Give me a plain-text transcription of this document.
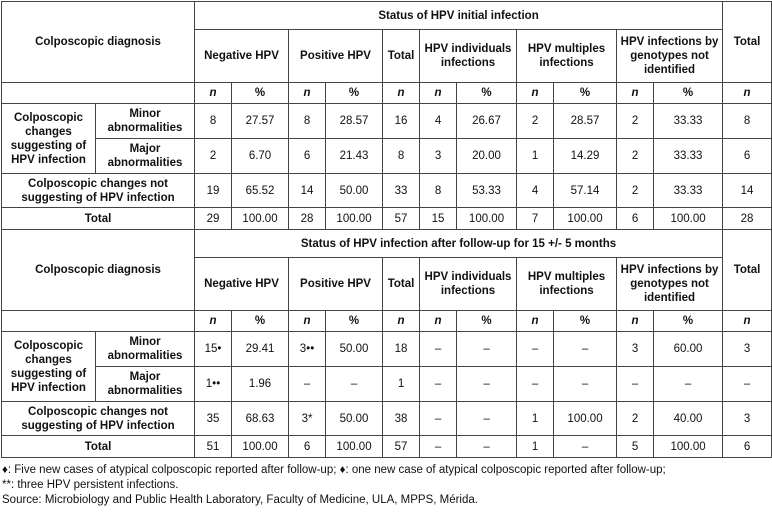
Colposcopic diagnosis		Status of HPV initial infection											Total
		Negative HPV		Positive HPV		Total	HPV individuals infections		HPV multiples infections		HPV infections by genotypes not identified		
		n	%	n	%	n	n	%	n	%	n	%	n
Colposcopic changes suggesting of HPV infection	Minor abnormalities	8	27.57	8	28.57	16	4	26.67	2	28.57	2	33.33	8
	Major abnormalities	2	6.70	6	21.43	8	3	20.00	1	14.29	2	33.33	6
Colposcopic changes not suggesting of HPV infection		19	65.52	14	50.00	33	8	53.33	4	57.14	2	33.33	14
Total		29	100.00	28	100.00	57	15	100.00	7	100.00	6	100.00	28
Colposcopic diagnosis		Status of HPV infection after follow-up for 15 +/- 5 months											Total
		Negative HPV		Positive HPV		Total	HPV individuals infections		HPV multiples infections		HPV infections by genotypes not identified		
		n	%	n	%	n	n	%	n	%	n	%	n
Colposcopic changes suggesting of HPV infection	Minor abnormalities	15•	29.41	3••	50.00	18	–	–	–	–	3	60.00	3
	Major abnormalities	1••	1.96	–	–	1	–	–	–	–	–	–	–
Colposcopic changes not suggesting of HPV infection		35	68.63	3*	50.00	38	–	–	1	100.00	2	40.00	3
Total		51	100.00	6	100.00	57	–	–	1	–	5	100.00	6
♦: Five new cases of atypical colposcopic reported after follow-up; ♦: one new case of atypical colposcopic reported after follow-up;
**: three HPV persistent infections.
Source: Microbiology and Public Health Laboratory, Faculty of Medicine, ULA, MPPS, Mérida.
